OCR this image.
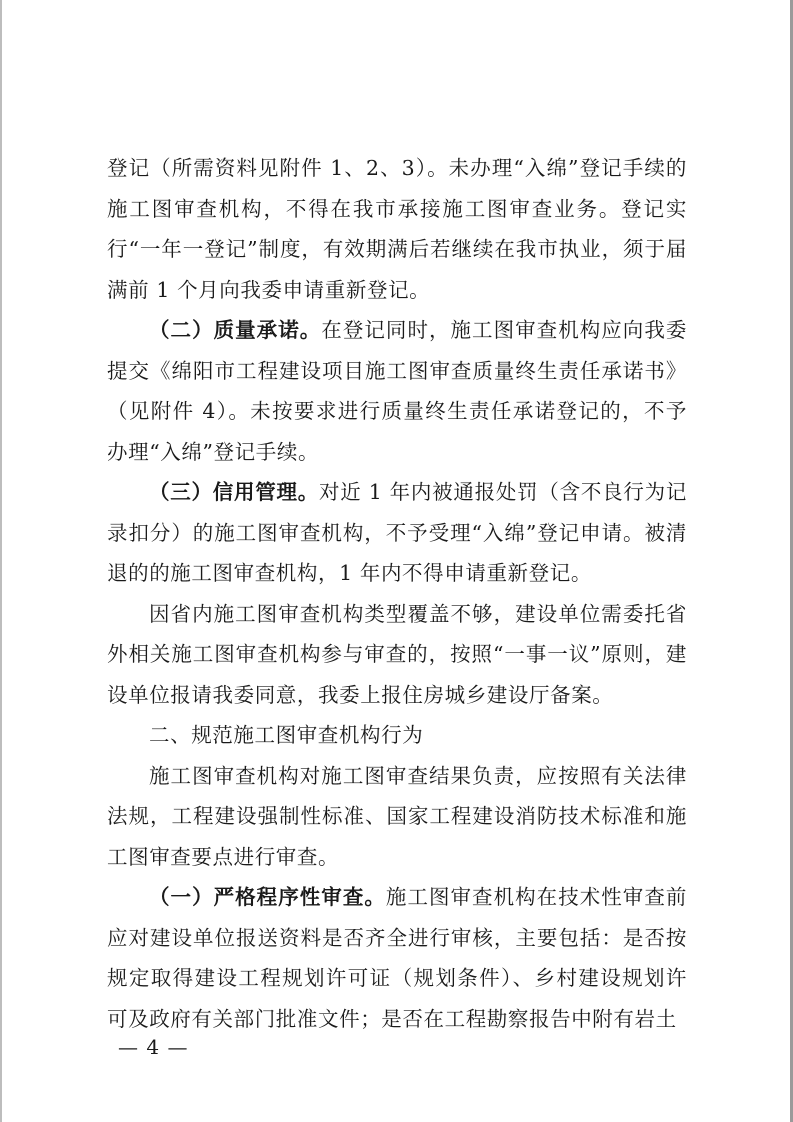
登记（所需资料见附件 1、2、3）。未办理“入绵”登记手续的施工图审查机构，不得在我市承接施工图审查业务。登记实行“一年一登记”制度，有效期满后若继续在我市执业，须于届满前 1 个月向我委申请重新登记。

（二）质量承诺。在登记同时，施工图审查机构应向我委提交《绵阳市工程建设项目施工图审查质量终生责任承诺书》（见附件 4）。未按要求进行质量终生责任承诺登记的，不予办理“入绵”登记手续。

（三）信用管理。对近 1 年内被通报处罚（含不良行为记录扣分）的施工图审查机构，不予受理“入绵”登记申请。被清退的的施工图审查机构，1 年内不得申请重新登记。

因省内施工图审查机构类型覆盖不够，建设单位需委托省外相关施工图审查机构参与审查的，按照“一事一议”原则，建设单位报请我委同意，我委上报住房城乡建设厅备案。

二、规范施工图审查机构行为

施工图审查机构对施工图审查结果负责，应按照有关法律法规，工程建设强制性标准、国家工程建设消防技术标准和施工图审查要点进行审查。

（一）严格程序性审查。施工图审查机构在技术性审查前应对建设单位报送资料是否齐全进行审核，主要包括：是否按规定取得建设工程规划许可证（规划条件）、乡村建设规划许可及政府有关部门批准文件；是否在工程勘察报告中附有岩土

— 4 —
